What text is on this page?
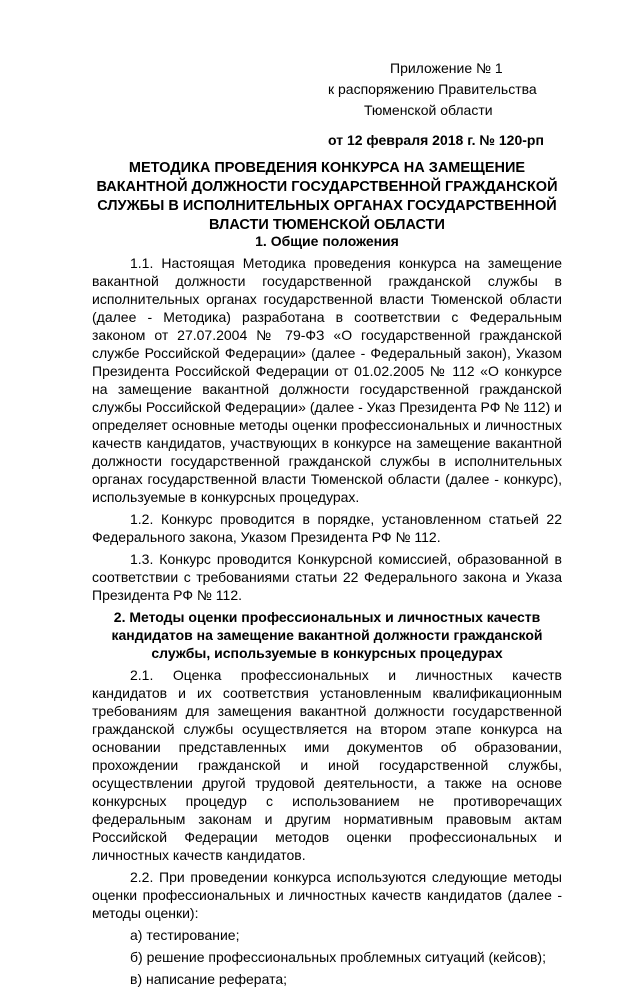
Приложение № 1
к распоряжению Правительства
Тюменской области
от 12 февраля 2018 г. № 120-рп
МЕТОДИКА ПРОВЕДЕНИЯ КОНКУРСА НА ЗАМЕЩЕНИЕ ВАКАНТНОЙ ДОЛЖНОСТИ ГОСУДАРСТВЕННОЙ ГРАЖДАНСКОЙ СЛУЖБЫ В ИСПОЛНИТЕЛЬНЫХ ОРГАНАХ ГОСУДАРСТВЕННОЙ ВЛАСТИ ТЮМЕНСКОЙ ОБЛАСТИ
1. Общие положения
1.1. Настоящая Методика проведения конкурса на замещение вакантной должности государственной гражданской службы в исполнительных органах государственной власти Тюменской области (далее - Методика) разработана в соответствии с Федеральным законом от 27.07.2004 № 79-ФЗ «О государственной гражданской службе Российской Федерации» (далее - Федеральный закон), Указом Президента Российской Федерации от 01.02.2005 № 112 «О конкурсе на замещение вакантной должности государственной гражданской службы Российской Федерации» (далее - Указ Президента РФ № 112) и определяет основные методы оценки профессиональных и личностных качеств кандидатов, участвующих в конкурсе на замещение вакантной должности государственной гражданской службы в исполнительных органах государственной власти Тюменской области (далее - конкурс), используемые в конкурсных процедурах.
1.2. Конкурс проводится в порядке, установленном статьей 22 Федерального закона, Указом Президента РФ № 112.
1.3. Конкурс проводится Конкурсной комиссией, образованной в соответствии с требованиями статьи 22 Федерального закона и Указа Президента РФ № 112.
2. Методы оценки профессиональных и личностных качеств кандидатов на замещение вакантной должности гражданской службы, используемые в конкурсных процедурах
2.1. Оценка профессиональных и личностных качеств кандидатов и их соответствия установленным квалификационным требованиям для замещения вакантной должности государственной гражданской службы осуществляется на втором этапе конкурса на основании представленных ими документов об образовании, прохождении гражданской и иной государственной службы, осуществлении другой трудовой деятельности, а также на основе конкурсных процедур с использованием не противоречащих федеральным законам и другим нормативным правовым актам Российской Федерации методов оценки профессиональных и личностных качеств кандидатов.
2.2. При проведении конкурса используются следующие методы оценки профессиональных и личностных качеств кандидатов (далее - методы оценки):
а) тестирование;
б) решение профессиональных проблемных ситуаций (кейсов);
в) написание реферата;
